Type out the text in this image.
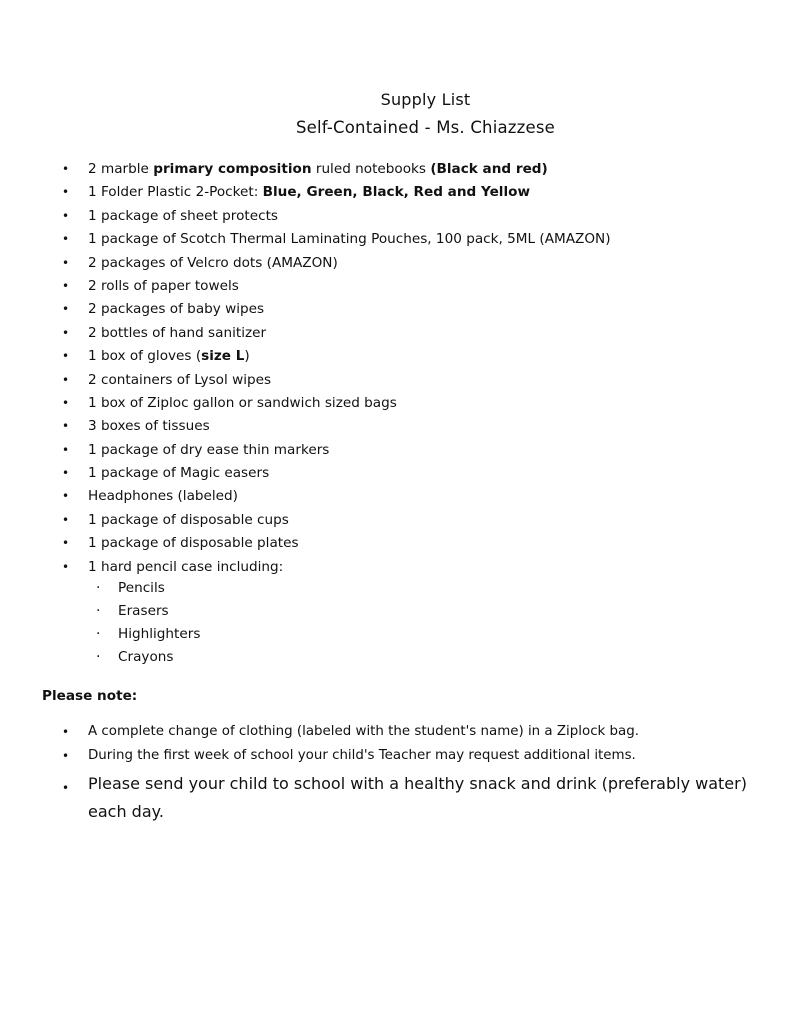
Supply List
Self-Contained - Ms. Chiazzese
• 2 marble primary composition ruled notebooks (Black and red)
• 1 Folder Plastic 2-Pocket: Blue, Green, Black, Red and Yellow
• 1 package of sheet protects
• 1 package of Scotch Thermal Laminating Pouches, 100 pack, 5ML (AMAZON)
• 2 packages of Velcro dots (AMAZON)
• 2 rolls of paper towels
• 2 packages of baby wipes
• 2 bottles of hand sanitizer
• 1 box of gloves (size L)
• 2 containers of Lysol wipes
• 1 box of Ziploc gallon or sandwich sized bags
• 3 boxes of tissues
• 1 package of dry ease thin markers
• 1 package of Magic easers
• Headphones (labeled)
• 1 package of disposable cups
• 1 package of disposable plates
• 1 hard pencil case including:
· Pencils
· Erasers
· Highlighters
· Crayons
Please note:
• A complete change of clothing (labeled with the student's name) in a Ziplock bag.
• During the first week of school your child's Teacher may request additional items.
• Please send your child to school with a healthy snack and drink (preferably water) each day.
